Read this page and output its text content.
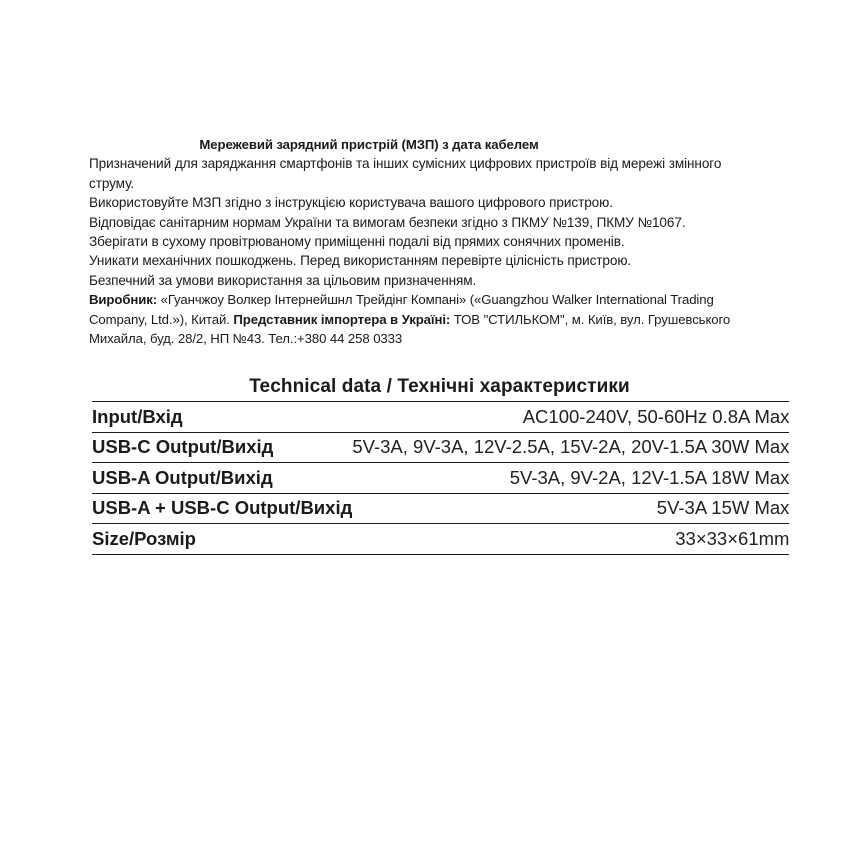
Мережевий зарядний пристрій (МЗП) з дата кабелем

Призначений для заряджання смартфонів та інших сумісних цифрових пристроїв від мережі змінного струму.

Використовуйте МЗП згідно з інструкцією користувача вашого цифрового пристрою.

Відповідає санітарним нормам України та вимогам безпеки згідно з ПКМУ №139, ПКМУ №1067.

Зберігати в сухому провітрюваному приміщенні подалі від прямих сонячних променів.

Уникати механічних пошкоджень. Перед використанням перевірте цілісність пристрою.

Безпечний за умови використання за цільовим призначенням.

Виробник: «Гуанчжоу Волкер Інтернейшнл Трейдінг Компані» («Guangzhou Walker International Trading Company, Ltd.»), Китай. Представник імпортера в Україні: ТОВ "СТИЛЬКОМ", м. Київ, вул. Грушевського Михайла, буд. 28/2, НП №43. Тел.:+380 44 258 0333

Technical data / Технічні характеристики
Input/Вхід	AC100-240V, 50-60Hz 0.8A Max
USB-C Output/Вихід	5V-3A, 9V-3A, 12V-2.5A, 15V-2A, 20V-1.5A 30W Max
USB-A Output/Вихід	5V-3A, 9V-2A, 12V-1.5A 18W Max
USB-A + USB-C Output/Вихід	5V-3A 15W Max
Size/Розмір	33×33×61mm
